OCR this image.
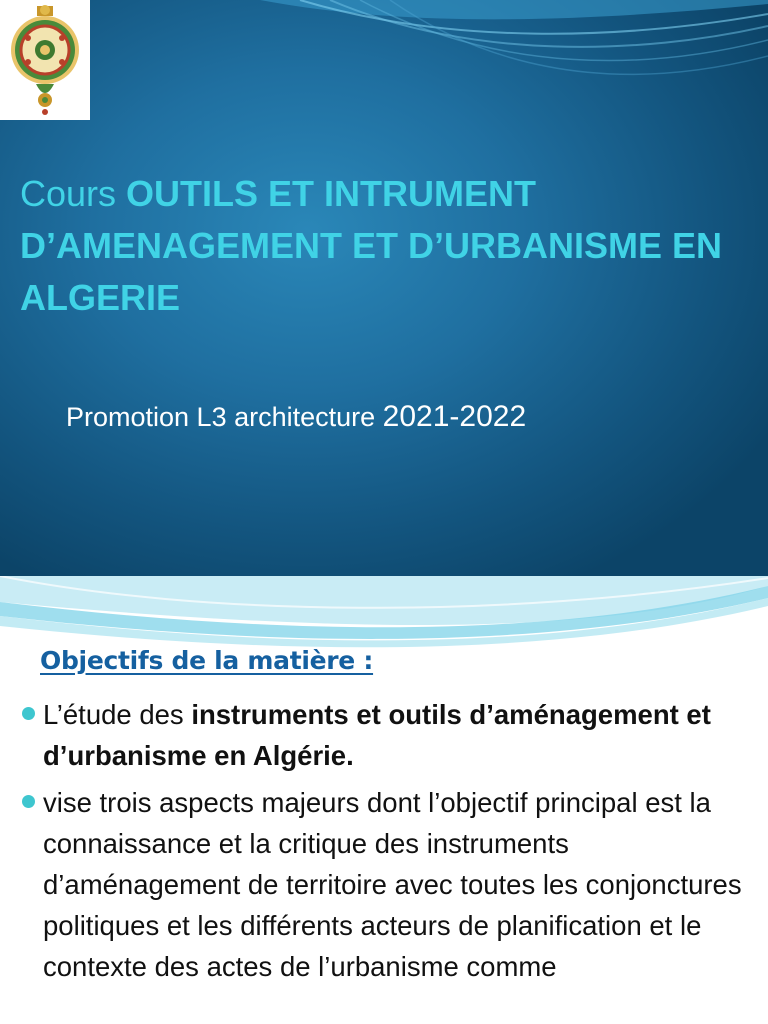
Cours OUTILS ET INTRUMENT D’AMENAGEMENT ET D’URBANISME EN ALGERIE

Promotion L3 architecture 2021-2022

Objectifs de la matière :
L’étude des instruments et outils d’aménagement et d’urbanisme en Algérie.
vise trois aspects majeurs dont l’objectif principal est la connaissance et la critique des instruments d’aménagement de territoire avec toutes les conjonctures politiques et les différents acteurs de planification et le contexte des actes de l’urbanisme comme
